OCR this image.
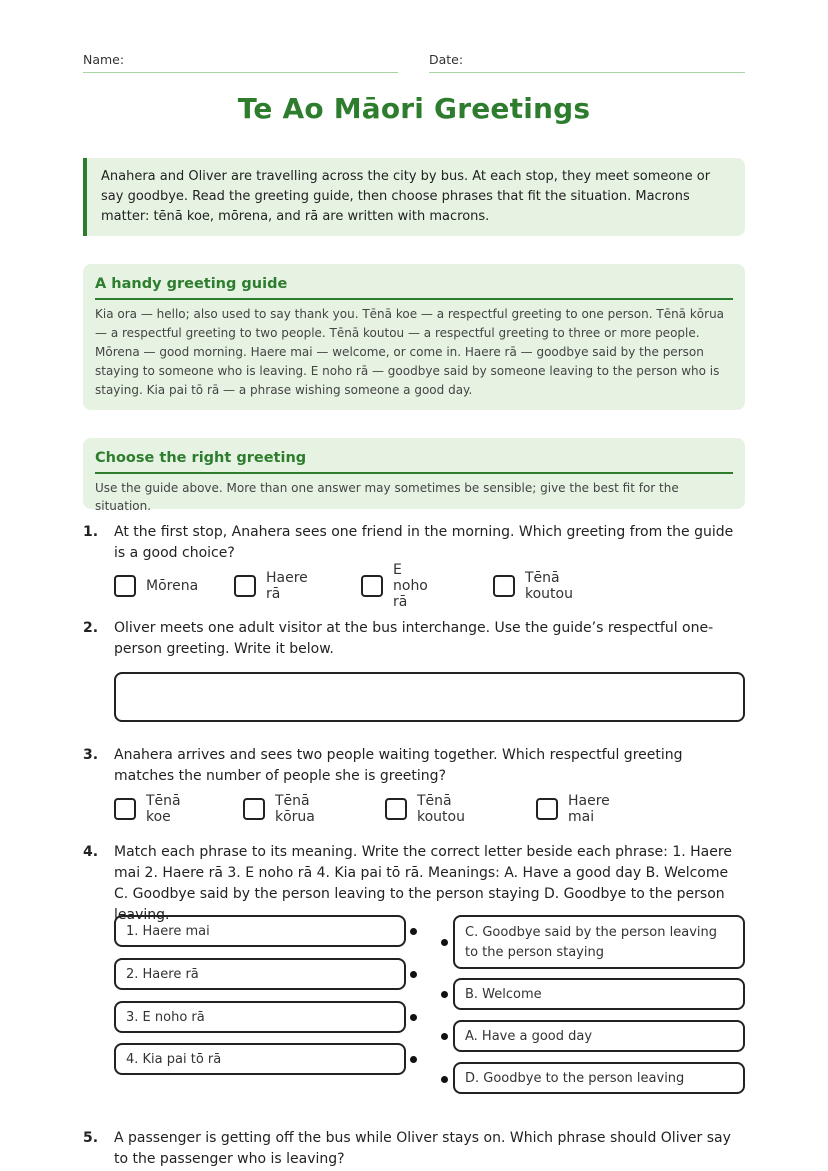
Name:	Date:
Te Ao Māori Greetings
Anahera and Oliver are travelling across the city by bus. At each stop, they meet someone or say goodbye. Read the greeting guide, then choose phrases that fit the situation. Macrons matter: tēnā koe, mōrena, and rā are written with macrons.
A handy greeting guide
Kia ora — hello; also used to say thank you. Tēnā koe — a respectful greeting to one person. Tēnā kōrua — a respectful greeting to two people. Tēnā koutou — a respectful greeting to three or more people. Mōrena — good morning. Haere mai — welcome, or come in. Haere rā — goodbye said by the person staying to someone who is leaving. E noho rā — goodbye said by someone leaving to the person who is staying. Kia pai tō rā — a phrase wishing someone a good day.
Choose the right greeting
Use the guide above. More than one answer may sometimes be sensible; give the best fit for the situation.
1. At the first stop, Anahera sees one friend in the morning. Which greeting from the guide is a good choice?
Mōrena	Haere rā
E noho rā
Tēnā koutou
2. Oliver meets one adult visitor at the bus interchange. Use the guide’s respectful one-person greeting. Write it below.
3. Anahera arrives and sees two people waiting together. Which respectful greeting matches the number of people she is greeting?
Tēnā koe
Tēnā kōrua
Tēnā koutou
Haere mai
4. Match each phrase to its meaning. Write the correct letter beside each phrase: 1. Haere mai 2. Haere rā 3. E noho rā 4. Kia pai tō rā. Meanings: A. Have a good day B. Welcome C. Goodbye said by the person leaving to the person staying D. Goodbye to the person leaving.
1. Haere mai
2. Haere rā
3. E noho rā
4. Kia pai tō rā
C. Goodbye said by the person leaving to the person staying
B. Welcome
A. Have a good day
D. Goodbye to the person leaving
5. A passenger is getting off the bus while Oliver stays on. Which phrase should Oliver say to the passenger who is leaving?
